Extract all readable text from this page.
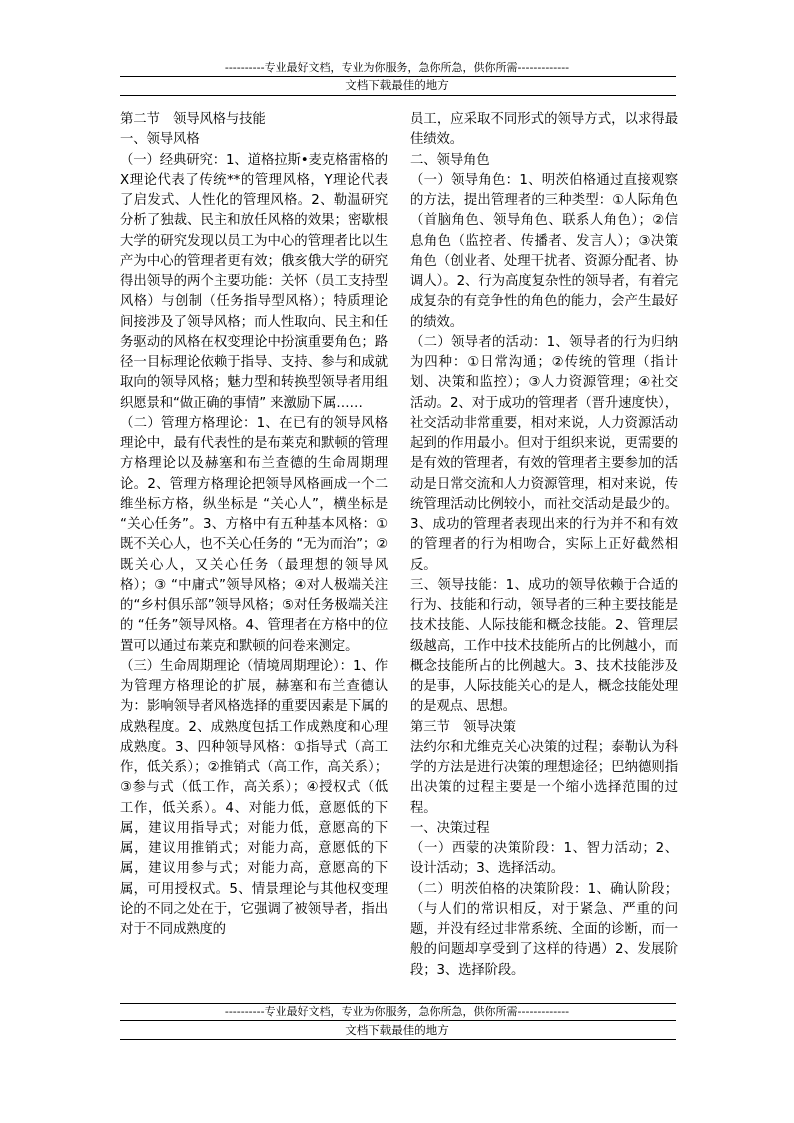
----------专业最好文档，专业为你服务，急你所急，供你所需-------------
文档下载最佳的地方

第二节　领导风格与技能

一、领导风格

（一）经典研究：1、道格拉斯•麦克格雷格的Ⅹ理论代表了传统**的管理风格，Y理论代表了启发式、人性化的管理风格。2、勒温研究分析了独裁、民主和放任风格的效果；密歇根大学的研究发现以员工为中心的管理者比以生产为中心的管理者更有效；俄亥俄大学的研究得出领导的两个主要功能：关怀（员工支持型风格）与创制（任务指导型风格）；特质理论间接涉及了领导风格；而人性取向、民主和任务驱动的风格在权变理论中扮演重要角色；路径一目标理论依赖于指导、支持、参与和成就取向的领导风格；魅力型和转换型领导者用组织愿景和“做正确的事情” 来激励下属……

（二）管理方格理论：1、在已有的领导风格理论中，最有代表性的是布莱克和默顿的管理方格理论以及赫塞和布兰查德的生命周期理论。2、管理方格理论把领导风格画成一个二维坐标方格，纵坐标是 “关心人”，横坐标是 “关心任务”。3、方格中有五种基本风格：①既不关心人，也不关心任务的 “无为而治”；②既关心人，又关心任务（最理想的领导风格）；③ “中庸式”领导风格；④对人极端关注的“乡村俱乐部”领导风格；⑤对任务极端关注的 “任务”领导风格。4、管理者在方格中的位置可以通过布莱克和默顿的问卷来测定。

（三）生命周期理论（情境周期理论）：1、作为管理方格理论的扩展，赫塞和布兰查德认为：影响领导者风格选择的重要因素是下属的成熟程度。2、成熟度包括工作成熟度和心理成熟度。3、四种领导风格：①指导式（高工作，低关系）；②推销式（高工作，高关系）；③参与式（低工作，高关系）；④授权式（低工作，低关系）。4、对能力低，意愿低的下属，建议用指导式；对能力低，意愿高的下属，建议用推销式；对能力高，意愿低的下属，建议用参与式；对能力高，意愿高的下属，可用授权式。5、情景理论与其他权变理论的不同之处在于，它强调了被领导者，指出对于不同成熟度的

员工，应采取不同形式的领导方式，以求得最佳绩效。

二、领导角色

（一）领导角色：1、明茨伯格通过直接观察的方法，提出管理者的三种类型：①人际角色（首脑角色、领导角色、联系人角色）；②信息角色（监控者、传播者、发言人）；③决策角色（创业者、处理干扰者、资源分配者、协调人）。2、行为高度复杂性的领导者，有着完成复杂的有竞争性的角色的能力，会产生最好的绩效。

（二）领导者的活动：1、领导者的行为归纳为四种：①日常沟通；②传统的管理（指计划、决策和监控）；③人力资源管理；④社交活动。2、对于成功的管理者（晋升速度快），社交活动非常重要，相对来说，人力资源活动起到的作用最小。但对于组织来说，更需要的是有效的管理者，有效的管理者主要参加的活动是日常交流和人力资源管理，相对来说，传统管理活动比例较小，而社交活动是最少的。3、成功的管理者表现出来的行为并不和有效的管理者的行为相吻合，实际上正好截然相反。

三、领导技能：1、成功的领导依赖于合适的行为、技能和行动，领导者的三种主要技能是技术技能、人际技能和概念技能。2、管理层级越高，工作中技术技能所占的比例越小，而概念技能所占的比例越大。3、技术技能涉及的是事，人际技能关心的是人，概念技能处理的是观点、思想。

第三节　领导决策

法约尔和尤维克关心决策的过程；泰勒认为科学的方法是进行决策的理想途径；巴纳德则指出决策的过程主要是一个缩小选择范围的过程。

一、决策过程

（一）西蒙的决策阶段：1、智力活动；2、设计活动；3、选择活动。

（二）明茨伯格的决策阶段：1、确认阶段；（与人们的常识相反，对于紧急、严重的问题，并没有经过非常系统、全面的诊断，而一般的问题却享受到了这样的待遇）2、发展阶段；3、选择阶段。

----------专业最好文档，专业为你服务，急你所急，供你所需-------------
文档下载最佳的地方
